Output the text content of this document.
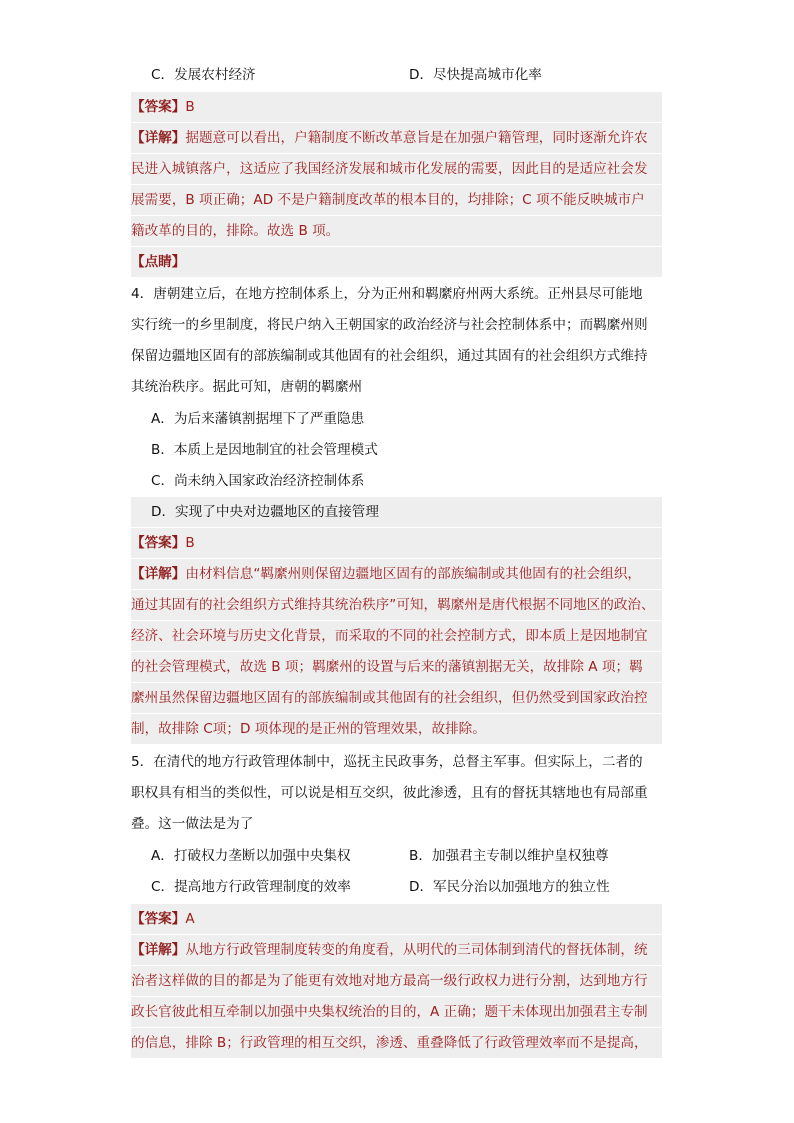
C．发展农村经济	D．尽快提高城市化率
【答案】B
【详解】据题意可以看出，户籍制度不断改革意旨是在加强户籍管理，同时逐渐允许农
民进入城镇落户，这适应了我国经济发展和城市化发展的需要，因此目的是适应社会发
展需要，B 项正确；AD 不是户籍制度改革的根本目的，均排除；C 项不能反映城市户
籍改革的目的，排除。故选 B 项。
【点睛】
4．唐朝建立后，在地方控制体系上，分为正州和羁縻府州两大系统。正州县尽可能地
实行统一的乡里制度，将民户纳入王朝国家的政治经济与社会控制体系中；而羁縻州则
保留边疆地区固有的部族编制或其他固有的社会组织，通过其固有的社会组织方式维持
其统治秩序。据此可知，唐朝的羁縻州
A．为后来藩镇割据埋下了严重隐患
B．本质上是因地制宜的社会管理模式
C．尚未纳入国家政治经济控制体系
D．实现了中央对边疆地区的直接管理
【答案】B
【详解】由材料信息“羁縻州则保留边疆地区固有的部族编制或其他固有的社会组织，
通过其固有的社会组织方式维持其统治秩序”可知，羁縻州是唐代根据不同地区的政治、
经济、社会环境与历史文化背景，而采取的不同的社会控制方式，即本质上是因地制宜
的社会管理模式，故选 B 项；羁縻州的设置与后来的藩镇割据无关，故排除 A 项；羁
縻州虽然保留边疆地区固有的部族编制或其他固有的社会组织，但仍然受到国家政治控
制，故排除 C项；D 项体现的是正州的管理效果，故排除。
5．在清代的地方行政管理体制中，巡抚主民政事务，总督主军事。但实际上，二者的
职权具有相当的类似性，可以说是相互交织，彼此渗透，且有的督抚其辖地也有局部重
叠。这一做法是为了
A．打破权力垄断以加强中央集权	B．加强君主专制以维护皇权独尊
C．提高地方行政管理制度的效率	D．军民分治以加强地方的独立性
【答案】A
【详解】从地方行政管理制度转变的角度看，从明代的三司体制到清代的督抚体制，统
治者这样做的目的都是为了能更有效地对地方最高一级行政权力进行分割，达到地方行
政长官彼此相互牵制以加强中央集权统治的目的，A 正确；题干未体现出加强君主专制
的信息，排除 B；行政管理的相互交织，渗透、重叠降低了行政管理效率而不是提高，
